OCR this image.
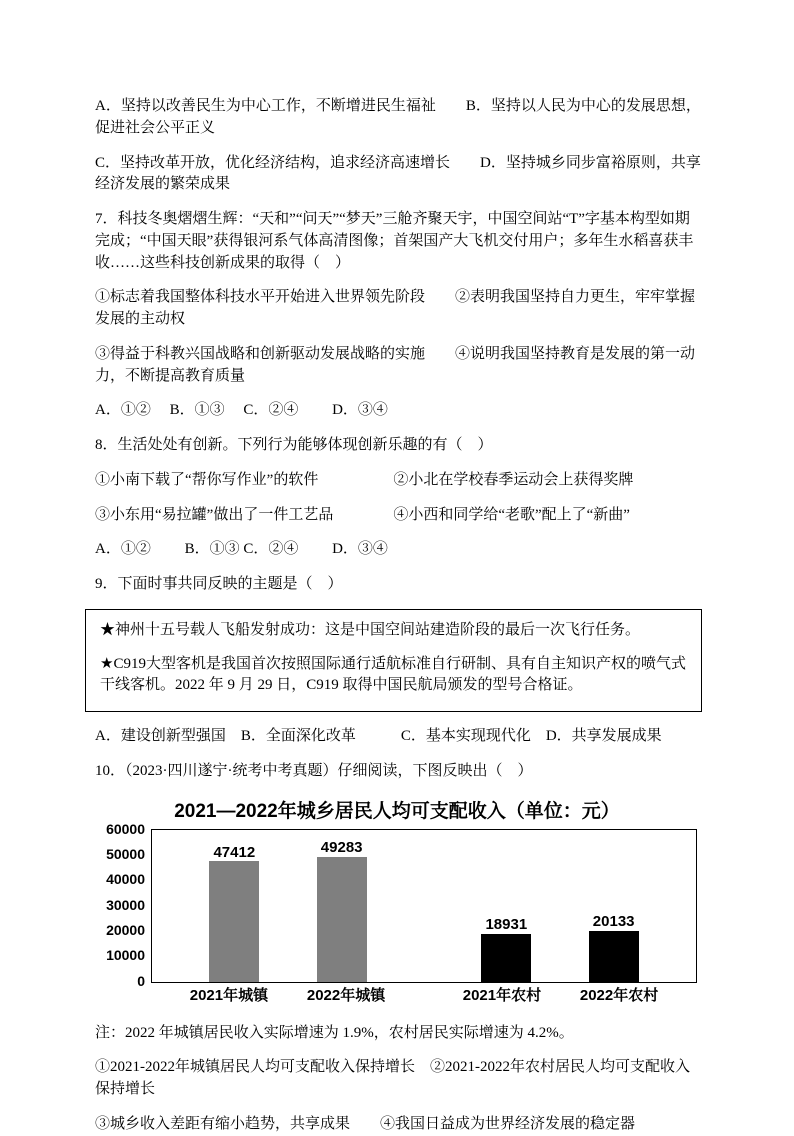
A．坚持以改善民生为中心工作，不断增进民生福祉　　B．坚持以人民为中心的发展思想，促进社会公平正义

C．坚持改革开放，优化经济结构，追求经济高速增长　　D．坚持城乡同步富裕原则，共享经济发展的繁荣成果

7．科技冬奥熠熠生辉：“天和”“问天”“梦天”三舱齐聚天宇，中国空间站“T”字基本构型如期完成；“中国天眼”获得银河系气体高清图像；首架国产大飞机交付用户；多年生水稻喜获丰收……这些科技创新成果的取得（　）

①标志着我国整体科技水平开始进入世界领先阶段　　②表明我国坚持自力更生，牢牢掌握发展的主动权

③得益于科教兴国战略和创新驱动发展战略的实施　　④说明我国坚持教育是发展的第一动力，不断提高教育质量

A．①②　 B．①③ 　C．②④　　 D．③④

8．生活处处有创新。下列行为能够体现创新乐趣的有（　）

①小南下载了“帮你写作业”的软件　　　　　②小北在学校春季运动会上获得奖牌

③小东用“易拉罐”做出了一件工艺品　　　　④小西和同学给“老歌”配上了“新曲”

A．①②　　 B．①③ C．②④　　 D．③④

9．下面时事共同反映的主题是（　）

★神州十五号载人飞船发射成功：这是中国空间站建造阶段的最后一次飞行任务。

★C919大型客机是我国首次按照国际通行适航标准自行研制、具有自主知识产权的喷气式干线客机。2022 年 9 月 29 日，C919 取得中国民航局颁发的型号合格证。

A．建设创新型强国　B．全面深化改革　　　C．基本实现现代化　D．共享发展成果

10．（2023·四川遂宁·统考中考真题）仔细阅读，下图反映出（　）

2021—2022年城乡居民人均可支配收入（单位：元）
0
10000
20000
30000
40000
50000
60000
47412	49283
18931	20133
2021年城镇	2022年城镇	2021年农村	2022年农村

注：2022 年城镇居民收入实际增速为 1.9%，农村居民实际增速为 4.2%。

①2021-2022年城镇居民人均可支配收入保持增长　②2021-2022年农村居民人均可支配收入保持增长

③城乡收入差距有缩小趋势，共享成果　　④我国日益成为世界经济发展的稳定器
